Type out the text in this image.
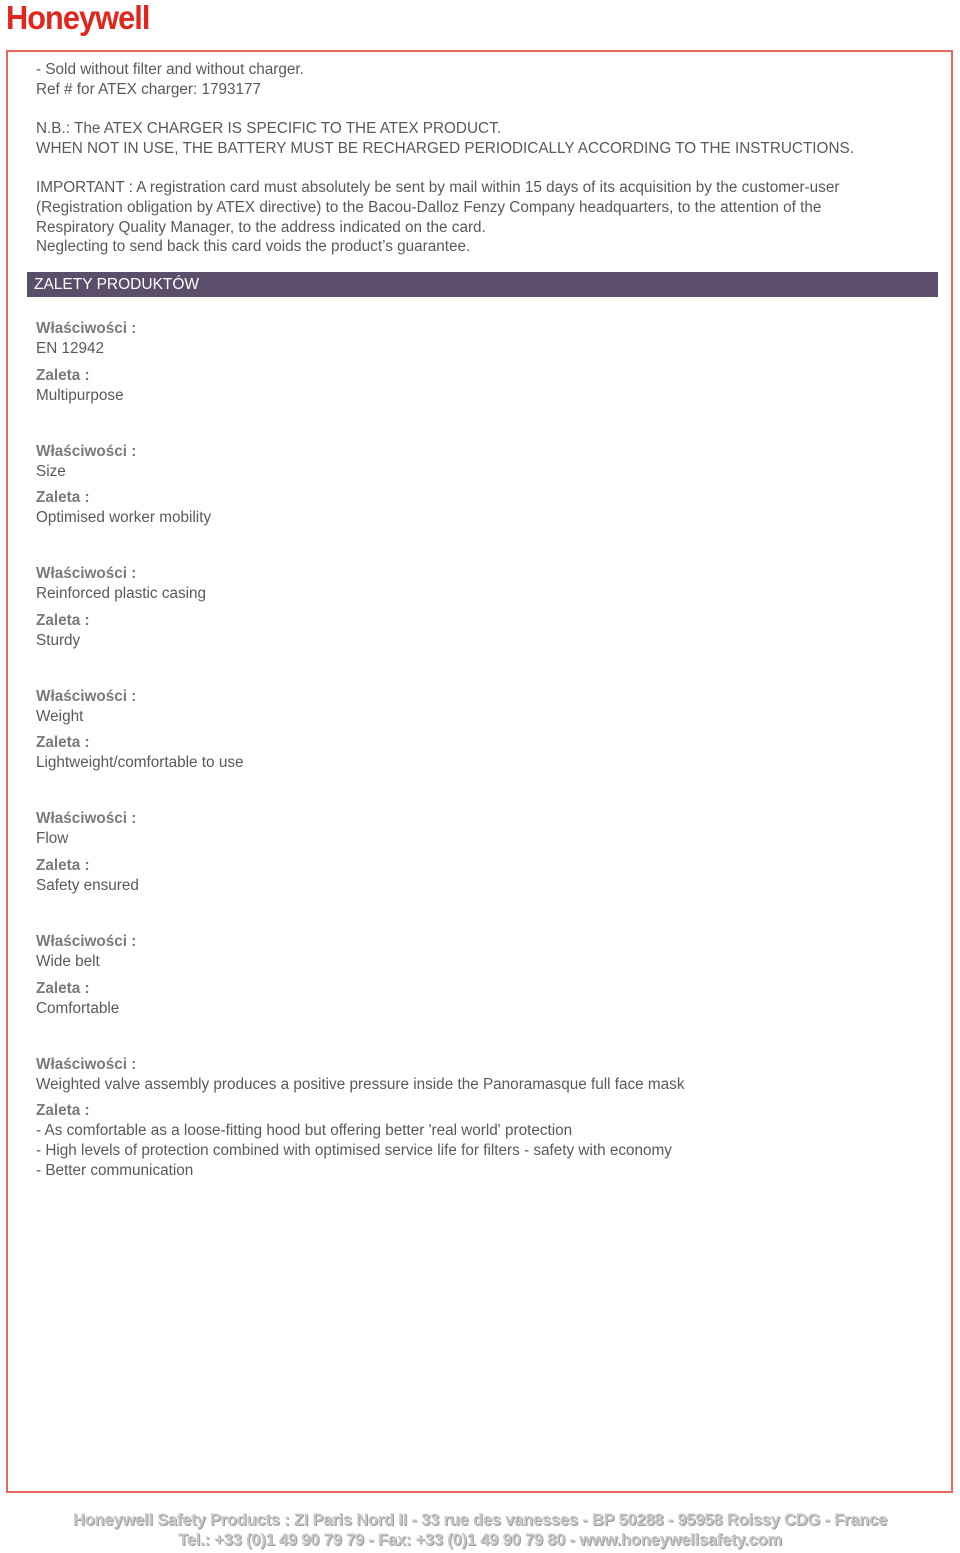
Honeywell

- Sold without filter and without charger.

Ref # for ATEX charger: 1793177

N.B.: The ATEX CHARGER IS SPECIFIC TO THE ATEX PRODUCT.

WHEN NOT IN USE, THE BATTERY MUST BE RECHARGED PERIODICALLY ACCORDING TO THE INSTRUCTIONS.

IMPORTANT : A registration card must absolutely be sent by mail within 15 days of its acquisition by the customer-user

(Registration obligation by ATEX directive) to the Bacou-Dalloz Fenzy Company headquarters, to the attention of the

Respiratory Quality Manager, to the address indicated on the card.

Neglecting to send back this card voids the product’s guarantee.

ZALETY PRODUKTÓW
Właściwości :
EN 12942
Zaleta :
Multipurpose
Właściwości :
Size
Zaleta :
Optimised worker mobility
Właściwości :
Reinforced plastic casing
Zaleta :
Sturdy
Właściwości :
Weight
Zaleta :
Lightweight/comfortable to use
Właściwości :
Flow
Zaleta :
Safety ensured
Właściwości :
Wide belt
Zaleta :
Comfortable
Właściwości :
Weighted valve assembly produces a positive pressure inside the Panoramasque full face mask
Zaleta :
- As comfortable as a loose-fitting hood but offering better 'real world' protection
- High levels of protection combined with optimised service life for filters - safety with economy
- Better communication
Honeywell Safety Products : ZI Paris Nord II - 33 rue des vanesses - BP 50288 - 95958 Roissy CDG - France
Tel.: +33 (0)1 49 90 79 79 - Fax: +33 (0)1 49 90 79 80 - www.honeywellsafety.com
